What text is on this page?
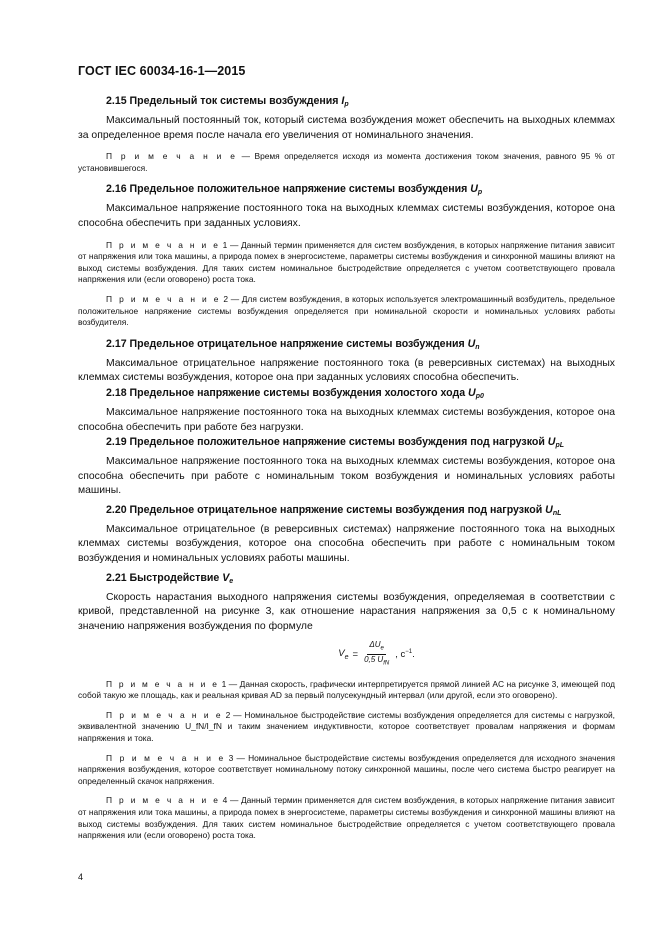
ГОСТ IEC 60034-16-1—2015
2.15 Предельный ток системы возбуждения $I_p$

Максимальный постоянный ток, который система возбуждения может обеспечить на выходных клеммах за определенное время после начала его увеличения от номинального значения.

П р и м е ч а н и е — Время определяется исходя из момента достижения током значения, равного 95 % от установившегося.

2.16 Предельное положительное напряжение системы возбуждения $U_p$

Максимальное напряжение постоянного тока на выходных клеммах системы возбуждения, которое она способна обеспечить при заданных условиях.

П р и м е ч а н и е 1 — Данный термин применяется для систем возбуждения, в которых напряжение питания зависит от напряжения или тока машины, а природа помех в энергосистеме, параметры системы возбуждения и синхронной машины влияют на выход системы возбуждения. Для таких систем номинальное быстродействие определяется с учетом соответствующего провала напряжения или (если оговорено) роста тока.

П р и м е ч а н и е 2 — Для систем возбуждения, в которых используется электромашинный возбудитель, предельное положительное напряжение системы возбуждения определяется при номинальной скорости и номинальных условиях работы возбудителя.

2.17 Предельное отрицательное напряжение системы возбуждения $U_n$

Максимальное отрицательное напряжение постоянного тока (в реверсивных системах) на выходных клеммах системы возбуждения, которое она при заданных условиях способна обеспечить.

2.18 Предельное напряжение системы возбуждения холостого хода $U_{p0}$

Максимальное напряжение постоянного тока на выходных клеммах системы возбуждения, которое она способна обеспечить при работе без нагрузки.

2.19 Предельное положительное напряжение системы возбуждения под нагрузкой $U_{pL}$

Максимальное напряжение постоянного тока на выходных клеммах системы возбуждения, которое она способна обеспечить при работе с номинальным током возбуждения и номинальных условиях работы машины.

2.20 Предельное отрицательное напряжение системы возбуждения под нагрузкой $U_{nL}$

Максимальное отрицательное (в реверсивных системах) напряжение постоянного тока на выходных клеммах системы возбуждения, которое она способна обеспечить при работе с номинальным током возбуждения и номинальных условиях работы машины.

2.21 Быстродействие $V_e$

Скорость нарастания выходного напряжения системы возбуждения, определяемая в соответствии с кривой, представленной на рисунке 3, как отношение нарастания напряжения за 0,5 с к номинальному значению напряжения возбуждения по формуле

$V_e = \frac{\Delta U_e}{0,5 U_{fN}}$ , $с^{-1}$.

П р и м е ч а н и е 1 — Данная скорость, графически интерпретируется прямой линией AC на рисунке 3, имеющей под собой такую же площадь, как и реальная кривая AD за первый полусекундный интервал (или другой, если это оговорено).

П р и м е ч а н и е 2 — Номинальное быстродействие системы возбуждения определяется для системы с нагрузкой, эквивалентной значению U_fN/I_fN и таким значением индуктивности, которое соответствует провалам напряжения и формам напряжения и тока.

П р и м е ч а н и е 3 — Номинальное быстродействие системы возбуждения определяется для исходного значения напряжения возбуждения, которое соответствует номинальному потоку синхронной машины, после чего система быстро реагирует на определенный скачок напряжения.

П р и м е ч а н и е 4 — Данный термин применяется для систем возбуждения, в которых напряжение питания зависит от напряжения или тока машины, а природа помех в энергосистеме, параметры системы возбуждения и синхронной машины влияют на выход системы возбуждения. Для таких систем номинальное быстродействие определяется с учетом соответствующего провала напряжения или (если оговорено) роста тока.

4
